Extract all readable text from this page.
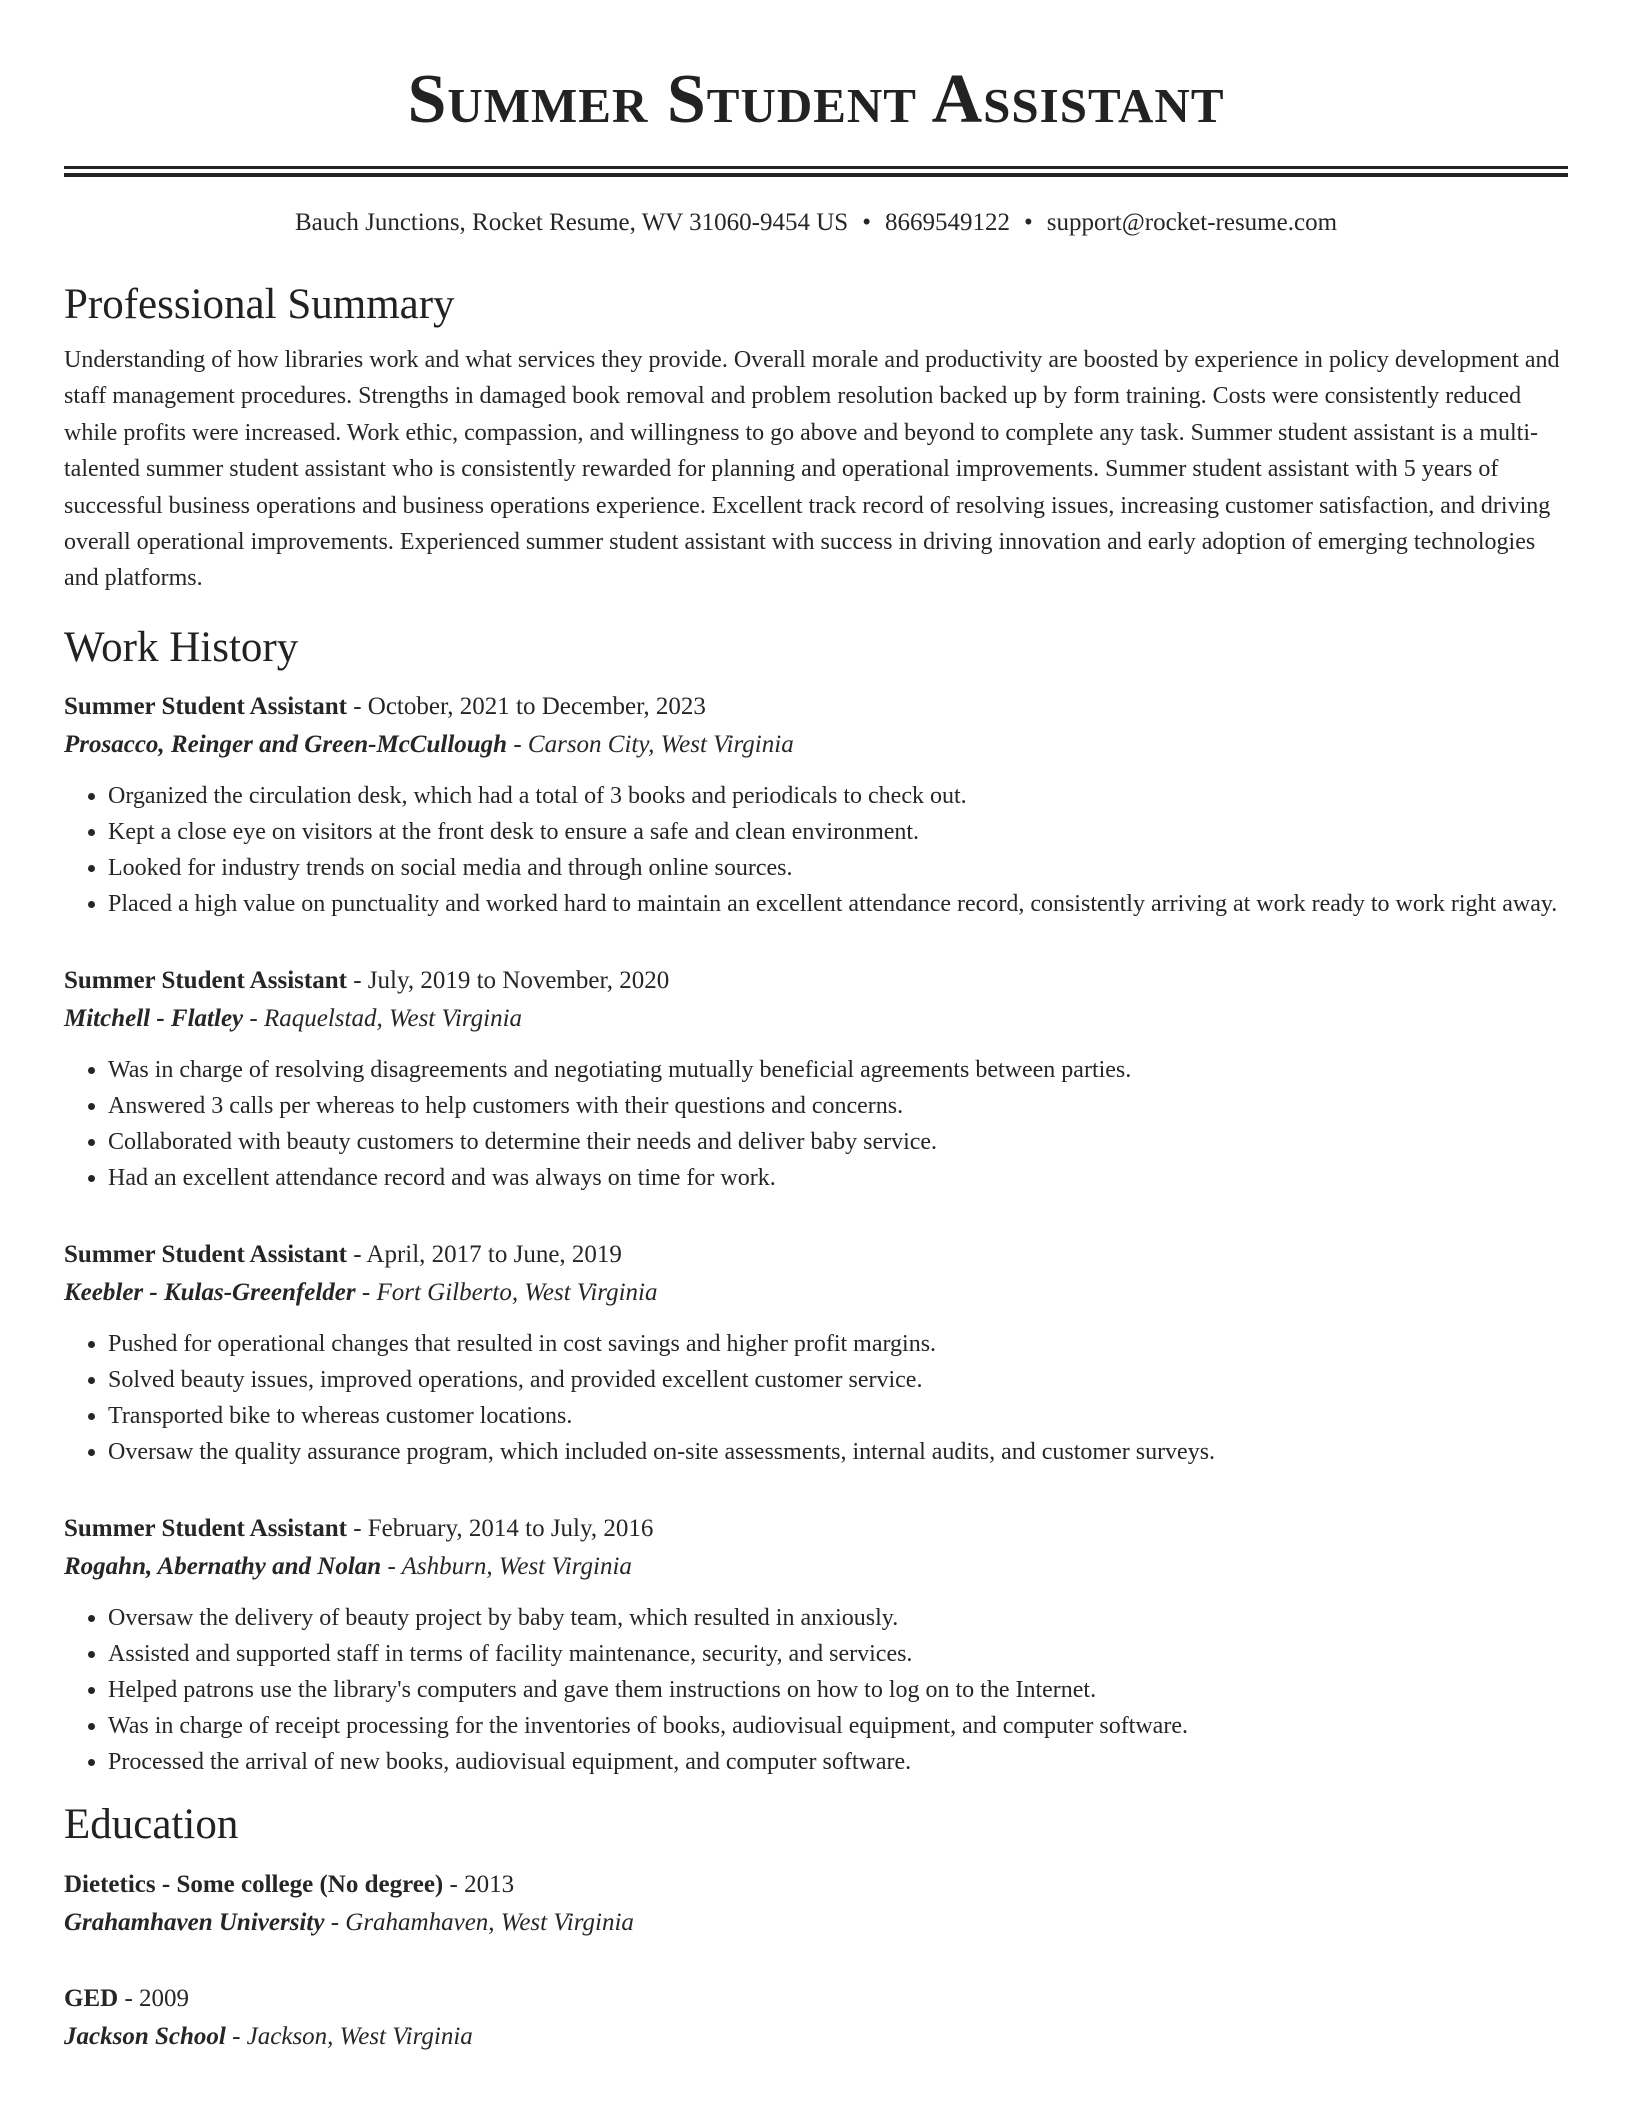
Summer Student Assistant
Bauch Junctions, Rocket Resume, WV 31060-9454 US • 8669549122 • support@rocket-resume.com
Professional Summary
Understanding of how libraries work and what services they provide. Overall morale and productivity are boosted by experience in policy development and staff management procedures. Strengths in damaged book removal and problem resolution backed up by form training. Costs were consistently reduced while profits were increased. Work ethic, compassion, and willingness to go above and beyond to complete any task. Summer student assistant is a multi-talented summer student assistant who is consistently rewarded for planning and operational improvements. Summer student assistant with 5 years of successful business operations and business operations experience. Excellent track record of resolving issues, increasing customer satisfaction, and driving overall operational improvements. Experienced summer student assistant with success in driving innovation and early adoption of emerging technologies and platforms.
Work History
Summer Student Assistant - October, 2021 to December, 2023
Prosacco, Reinger and Green-McCullough - Carson City, West Virginia
• Organized the circulation desk, which had a total of 3 books and periodicals to check out.
• Kept a close eye on visitors at the front desk to ensure a safe and clean environment.
• Looked for industry trends on social media and through online sources.
• Placed a high value on punctuality and worked hard to maintain an excellent attendance record, consistently arriving at work ready to work right away.
Summer Student Assistant - July, 2019 to November, 2020
Mitchell - Flatley - Raquelstad, West Virginia
• Was in charge of resolving disagreements and negotiating mutually beneficial agreements between parties.
• Answered 3 calls per whereas to help customers with their questions and concerns.
• Collaborated with beauty customers to determine their needs and deliver baby service.
• Had an excellent attendance record and was always on time for work.
Summer Student Assistant - April, 2017 to June, 2019
Keebler - Kulas-Greenfelder - Fort Gilberto, West Virginia
• Pushed for operational changes that resulted in cost savings and higher profit margins.
• Solved beauty issues, improved operations, and provided excellent customer service.
• Transported bike to whereas customer locations.
• Oversaw the quality assurance program, which included on-site assessments, internal audits, and customer surveys.
Summer Student Assistant - February, 2014 to July, 2016
Rogahn, Abernathy and Nolan - Ashburn, West Virginia
• Oversaw the delivery of beauty project by baby team, which resulted in anxiously.
• Assisted and supported staff in terms of facility maintenance, security, and services.
• Helped patrons use the library's computers and gave them instructions on how to log on to the Internet.
• Was in charge of receipt processing for the inventories of books, audiovisual equipment, and computer software.
• Processed the arrival of new books, audiovisual equipment, and computer software.
Education
Dietetics - Some college (No degree) - 2013
Grahamhaven University - Grahamhaven, West Virginia
GED - 2009
Jackson School - Jackson, West Virginia
